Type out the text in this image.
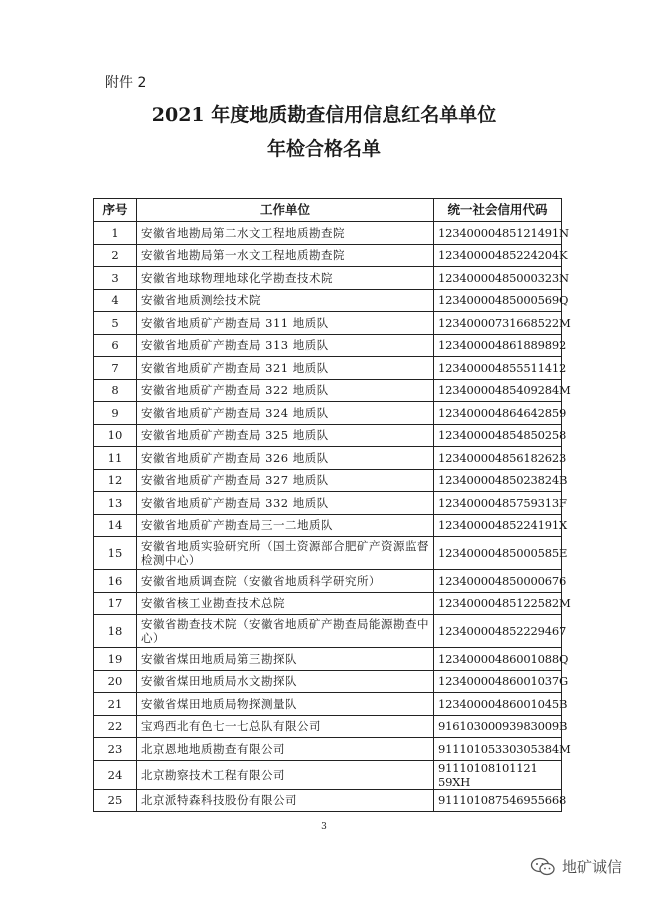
附件 2
2021 年度地质勘查信用信息红名单单位
年检合格名单
序号	工作单位	统一社会信用代码
1	安徽省地勘局第二水文工程地质勘查院	12340000485121491N
2	安徽省地勘局第一水文工程地质勘查院	12340000485224204K
3	安徽省地球物理地球化学勘查技术院	12340000485000323N
4	安徽省地质测绘技术院	12340000485000569Q
5	安徽省地质矿产勘查局 311 地质队	12340000731668522M
6	安徽省地质矿产勘查局 313 地质队	123400004861889892
7	安徽省地质矿产勘查局 321 地质队	123400004855511412
8	安徽省地质矿产勘查局 322 地质队	12340000485409284M
9	安徽省地质矿产勘查局 324 地质队	123400004864642859
10	安徽省地质矿产勘查局 325 地质队	123400004854850258
11	安徽省地质矿产勘查局 326 地质队	123400004856182623
12	安徽省地质矿产勘查局 327 地质队	12340000485023824B
13	安徽省地质矿产勘查局 332 地质队	12340000485759313F
14	安徽省地质矿产勘查局三一二地质队	12340000485224191X
15	安徽省地质实验研究所（国土资源部合肥矿产资源监督检测中心）	12340000485000585E
16	安徽省地质调查院（安徽省地质科学研究所）	123400004850000676
17	安徽省核工业勘查技术总院	12340000485122582M
18	安徽省勘查技术院（安徽省地质矿产勘查局能源勘查中心）	123400004852229467
19	安徽省煤田地质局第三勘探队	12340000486001088Q
20	安徽省煤田地质局水文勘探队	12340000486001037G
21	安徽省煤田地质局物探测量队	12340000486001045B
22	宝鸡西北有色七一七总队有限公司	91610300093983009B
23	北京恩地地质勘查有限公司	91110105330305384M
24	北京勘察技术工程有限公司	91110108101121 59XH
25	北京派特森科技股份有限公司	911101087546955668
3
地矿诚信
